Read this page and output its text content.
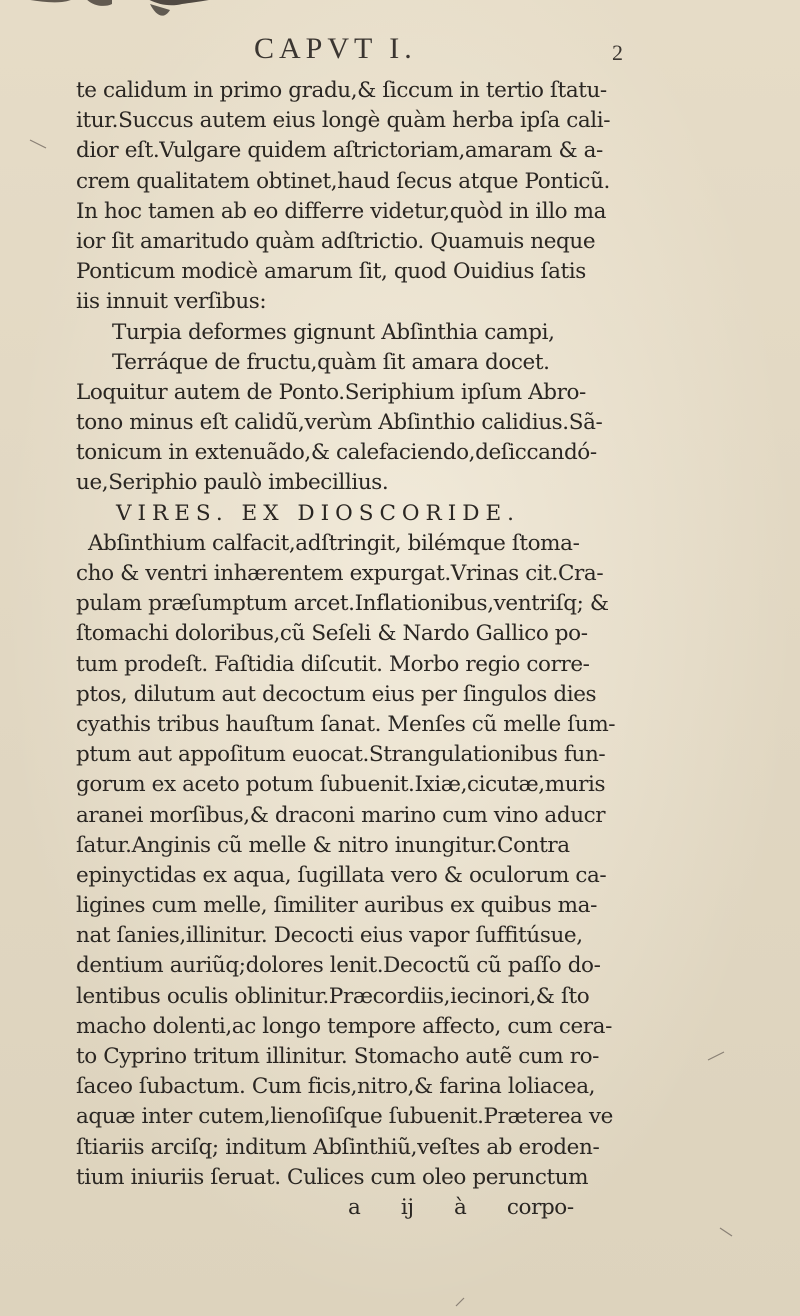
CAPVT I.	2
te calidum in primo gradu,& ſiccum in tertio ſtatu-
itur.Succus autem eius longè quàm herba ipſa cali-
dior eſt.Vulgare quidem aſtrictoriam,amaram & a-
crem qualitatem obtinet,haud ſecus atque Ponticũ.
In hoc tamen ab eo differre videtur,quòd in illo ma
ior ſit amaritudo quàm adſtrictio. Quamuis neque
Ponticum modicè amarum ſit, quod Ouidius ſatis
iis innuit verſibus:
Turpia deformes gignunt Abſinthia campi,
Terráque de fructu,quàm ſit amara docet.
Loquitur autem de Ponto.Seriphium ipſum Abro-
tono minus eſt calidũ,verùm Abſinthio calidius.Sã-
tonicum in extenuãdo,& calefaciendo,deſiccandó-
ue,Seriphio paulò imbecillius.
VIRES. EX DIOSCORIDE.
Abſinthium calfacit,adſtringit, bilémque ſtoma-
cho & ventri inhærentem expurgat.Vrinas cit.Cra-
pulam præſumptum arcet.Inflationibus,ventriſq; &
ſtomachi doloribus,cũ Seſeli & Nardo Gallico po-
tum prodeſt. Faſtidia diſcutit. Morbo regio corre-
ptos, dilutum aut decoctum eius per ſingulos dies
cyathis tribus hauſtum ſanat. Menſes cũ melle ſum-
ptum aut appoſitum euocat.Strangulationibus fun-
gorum ex aceto potum ſubuenit.Ixiæ,cicutæ,muris
aranei morſibus,& draconi marino cum vino aducr
ſatur.Anginis cũ melle & nitro inungitur.Contra
epinyctidas ex aqua, ſugillata vero & oculorum ca-
ligines cum melle, ſimiliter auribus ex quibus ma-
nat ſanies,illinitur. Decocti eius vapor ſuffitúsue,
dentium auriũq;dolores lenit.Decoctũ cũ paſſo do-
lentibus oculis oblinitur.Præcordiis,iecinori,& ſto
macho dolenti,ac longo tempore affecto, cum cera-
to Cyprino tritum illinitur. Stomacho autẽ cum ro-
ſaceo ſubactum. Cum ficis,nitro,& farina loliacea,
aquæ inter cutem,lienoſiſque ſubuenit.Præterea ve
ſtiariis arciſq; inditum Abſinthiũ,veſtes ab eroden-
tium iniuriis ſeruat. Culices cum oleo perunctum
a ij à corpo-
